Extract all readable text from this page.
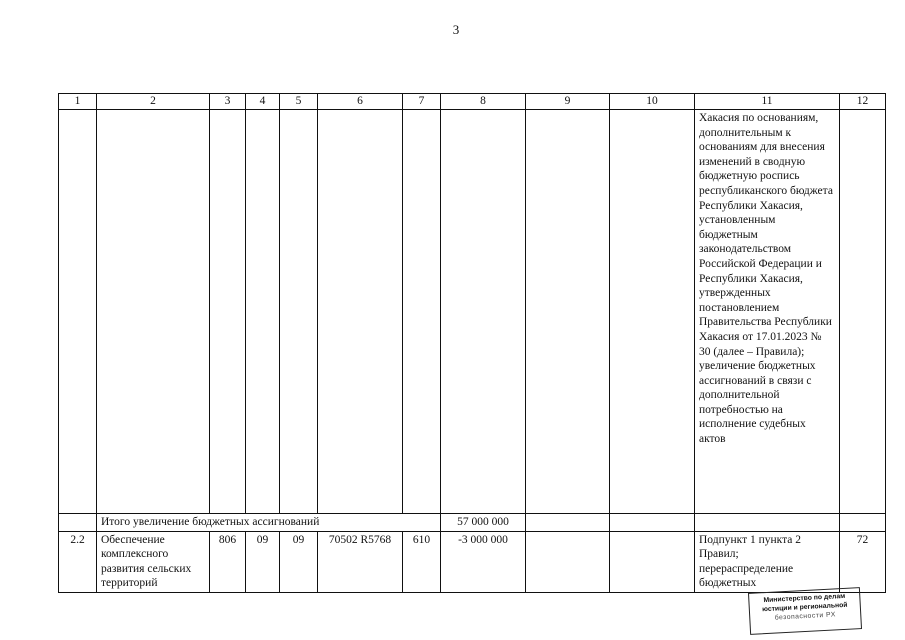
3
1	2	3	4	5	6	7	8	9	10	11	12
										Хакасия по основаниям, дополнительным к основаниям для внесения изменений в сводную бюджетную роспись республиканского бюджета Республики Хакасия, установленным бюджетным законодательством Российской Федерации и Республики Хакасия, утвержденных постановлением Правительства Республики Хакасия от 17.01.2023 № 30 (далее – Правила); увеличение бюджетных ассигнований в связи с дополнительной потребностью на исполнение судебных актов	
	Итого увеличение бюджетных ассигнований						57 000 000				
2.2	Обеспечение комплексного развития сельских территорий	806	09	09	70502 R5768	610	-3 000 000			Подпункт 1 пункта 2 Правил; перераспределение бюджетных	72
Министерство по делам
юстиции и региональной
безопасности РХ
